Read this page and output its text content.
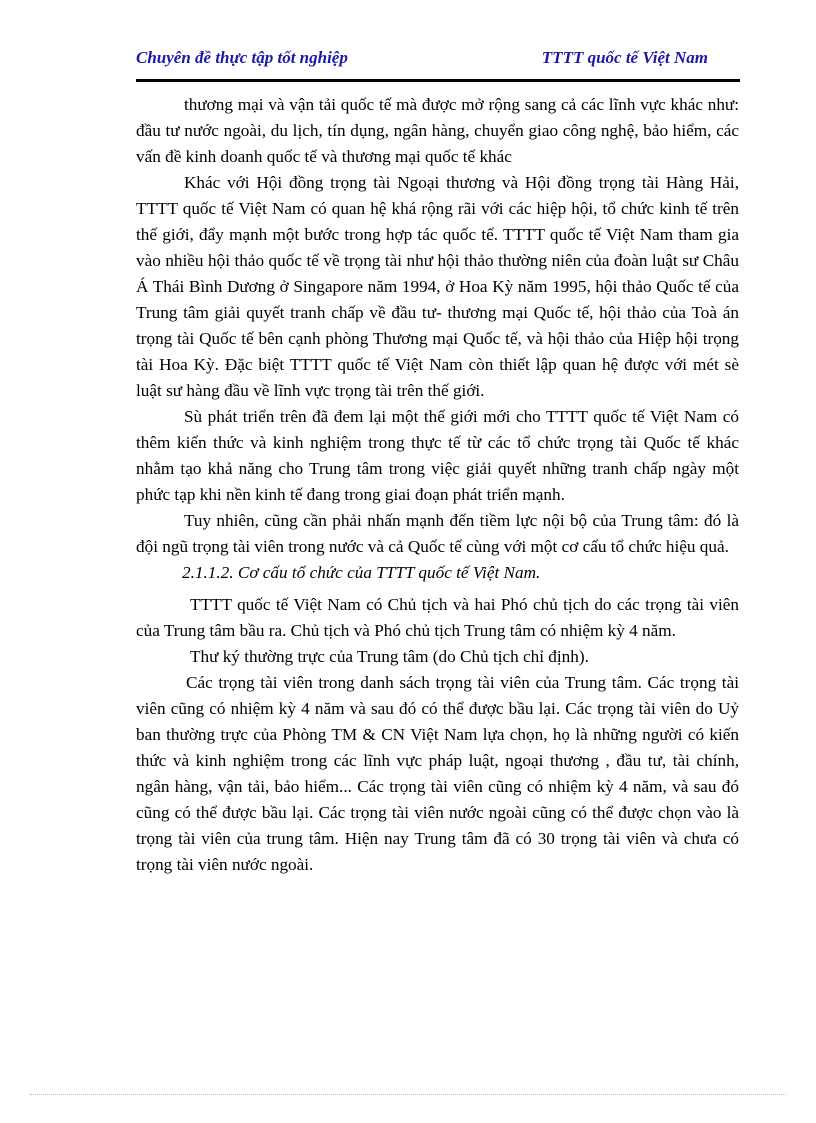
Chuyên đề thực tập tốt nghiệp	TTTT quốc tế Việt Nam

thương mại và vận tải quốc tế mà được mở rộng sang cả các lĩnh vực khác như: đầu tư nước ngoài, du lịch, tín dụng, ngân hàng, chuyển giao công nghệ, bảo hiểm, các vấn đề kinh doanh quốc tế và thương mại quốc tế khác

Khác với Hội đồng trọng tài Ngoại thương và Hội đồng trọng tài Hàng Hải, TTTT quốc tế Việt Nam có quan hệ khá rộng rãi với các hiệp hội, tổ chức kinh tế trên thế giới, đẩy mạnh một bước trong hợp tác quốc tế. TTTT quốc tế Việt Nam tham gia vào nhiều hội thảo quốc tế về trọng tài như hội thảo thường niên của đoàn luật sư Châu Á Thái Bình Dương ở Singapore năm 1994, ở Hoa Kỳ năm 1995, hội thảo Quốc tế của Trung tâm giải quyết tranh chấp về đầu tư- thương mại Quốc tế, hội thảo của Toà án trọng tài Quốc tế bên cạnh phòng Thương mại Quốc tế, và hội thảo của Hiệp hội trọng tài Hoa Kỳ. Đặc biệt TTTT quốc tế Việt Nam còn thiết lập quan hệ được với mét sè luật sư hàng đầu về lĩnh vực trọng tài trên thế giới.

Sù phát triển trên đã đem lại một thế giới mới cho TTTT quốc tế Việt Nam có thêm kiến thức và kinh nghiệm trong thực tế từ các tổ chức trọng tài Quốc tế khác nhằm tạo khả năng cho Trung tâm trong việc giải quyết những tranh chấp ngày một phức tạp khi nền kinh tế đang trong giai đoạn phát triển mạnh.

Tuy nhiên, cũng cần phải nhấn mạnh đến tiềm lực nội bộ của Trung tâm: đó là đội ngũ trọng tài viên trong nước và cả Quốc tế cùng với một cơ cấu tổ chức hiệu quả.

2.1.1.2. Cơ cấu tổ chức của TTTT quốc tế Việt Nam.

TTTT quốc tế Việt Nam có Chủ tịch và hai Phó chủ tịch do các trọng tài viên của Trung tâm bầu ra. Chủ tịch và Phó chủ tịch Trung tâm có nhiệm kỳ 4 năm.

Thư ký thường trực của Trung tâm (do Chủ tịch chỉ định).

Các trọng tài viên trong danh sách trọng tài viên của Trung tâm. Các trọng tài viên cũng có nhiệm kỳ 4 năm và sau đó có thể được bầu lại. Các trọng tài viên do Uỷ ban thường trực của Phòng TM & CN Việt Nam lựa chọn, họ là những người có kiến thức và kinh nghiệm trong các lĩnh vực pháp luật, ngoại thương , đầu tư, tài chính, ngân hàng, vận tải, bảo hiểm... Các trọng tài viên cũng có nhiệm kỳ 4 năm, và sau đó cũng có thể được bầu lại. Các trọng tài viên nước ngoài cũng có thể được chọn vào là trọng tài viên của trung tâm. Hiện nay Trung tâm đã có 30 trọng tài viên và chưa có trọng tài viên nước ngoài.
